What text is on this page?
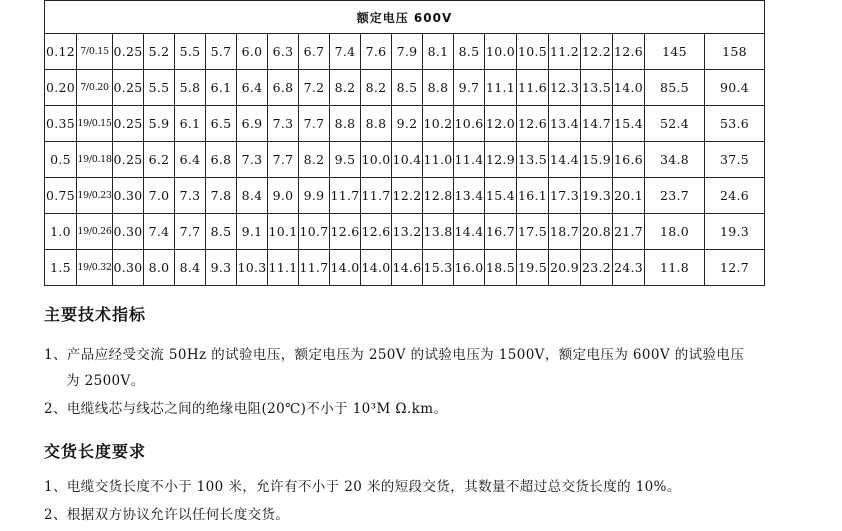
额定电压 600V																				
0.12	7/0.15	0.25	5.2	5.5	5.7	6.0	6.3	6.7	7.4	7.6	7.9	8.1	8.5	10.0	10.5	11.2	12.2	12.6	145	158
0.20	7/0.20	0.25	5.5	5.8	6.1	6.4	6.8	7.2	8.2	8.2	8.5	8.8	9.7	11.1	11.6	12.3	13.5	14.0	85.5	90.4
0.35	19/0.15	0.25	5.9	6.1	6.5	6.9	7.3	7.7	8.8	8.8	9.2	10.2	10.6	12.0	12.6	13.4	14.7	15.4	52.4	53.6
0.5	19/0.18	0.25	6.2	6.4	6.8	7.3	7.7	8.2	9.5	10.0	10.4	11.0	11.4	12.9	13.5	14.4	15.9	16.6	34.8	37.5
0.75	19/0.23	0.30	7.0	7.3	7.8	8.4	9.0	9.9	11.7	11.7	12.2	12.8	13.4	15.4	16.1	17.3	19.3	20.1	23.7	24.6
1.0	19/0.26	0.30	7.4	7.7	8.5	9.1	10.1	10.7	12.6	12.6	13.2	13.8	14.4	16.7	17.5	18.7	20.8	21.7	18.0	19.3
1.5	19/0.32	0.30	8.0	8.4	9.3	10.3	11.1	11.7	14.0	14.0	14.6	15.3	16.0	18.5	19.5	20.9	23.2	24.3	11.8	12.7
主要技术指标
1、产品应经受交流 50Hz 的试验电压，额定电压为 250V 的试验电压为 1500V，额定电压为 600V 的试验电压
为 2500V。
2、电缆线芯与线芯之间的绝缘电阻(20℃)不小于 10³M Ω.km。
交货长度要求
1、电缆交货长度不小于 100 米，允许有不小于 20 米的短段交货，其数量不超过总交货长度的 10%。
2、根据双方协议允许以任何长度交货。
